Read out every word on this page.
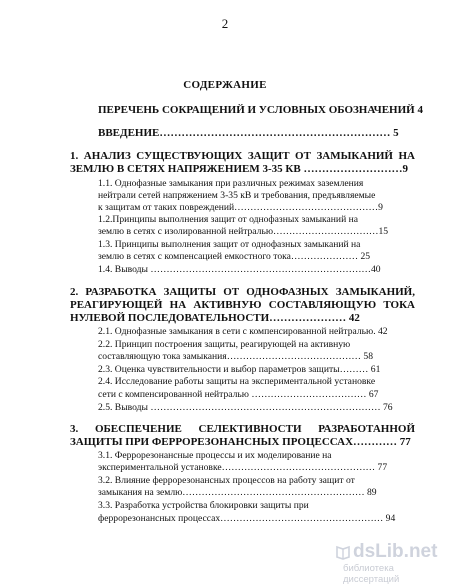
2
СОДЕРЖАНИЕ
ПЕРЕЧЕНЬ СОКРАЩЕНИЙ И УСЛОВНЫХ ОБОЗНАЧЕНИЙ 4
ВВЕДЕНИЕ……………………………………………………… 5
1. АНАЛИЗ СУЩЕСТВУЮЩИХ ЗАЩИТ ОТ ЗАМЫКАНИЙ НА ЗЕМЛЮ В СЕТЯХ НАПРЯЖЕНИЕМ 3-35 КВ ………………………9
1.1. Однофазные замыкания при различных режимах заземления
нейтрали сетей напряжением 3-35 кВ и требования, предъявляемые
к защитам от таких повреждений………………………………………9
1.2.Принципы выполнения защит от однофазных замыканий на
землю в сетях с изолированной нейтралью……………………………15
1.3. Принципы выполнения защит от однофазных замыканий на
землю в сетях с компенсацией емкостного тока………………… 25
1.4. Выводы ……………………………………………………………40
2. РАЗРАБОТКА ЗАЩИТЫ ОТ ОДНОФАЗНЫХ ЗАМЫКАНИЙ, РЕАГИРУЮЩЕЙ НА АКТИВНУЮ СОСТАВЛЯЮЩУЮ ТОКА НУЛЕВОЙ ПОСЛЕДОВАТЕЛЬНОСТИ………………… 42
2.1. Однофазные замыкания в сети с компенсированной нейтралью. 42
2.2. Принцип построения защиты, реагирующей на активную
составляющую тока замыкания…………………………………… 58
2.3. Оценка чувствительности и выбор параметров защиты……… 61
2.4. Исследование работы защиты на экспериментальной установке
сети с компенсированной нейтралью ……………………………… 67
2.5. Выводы ……………………………………………………………… 76
3. ОБЕСПЕЧЕНИЕ СЕЛЕКТИВНОСТИ РАЗРАБОТАННОЙ ЗАЩИТЫ ПРИ ФЕРРОРЕЗОНАНСНЫХ ПРОЦЕССАХ………… 77
3.1. Феррорезонансные процессы и их моделирование на
экспериментальной установке………………………………………… 77
3.2. Влияние феррорезонансных процессов на работу защит от
замыкания на землю………………………………………………… 89
3.3. Разработка устройства блокировки защиты при
феррорезонансных процессах…………………………………………… 94
dsLib.net
библиотека диссертаций
